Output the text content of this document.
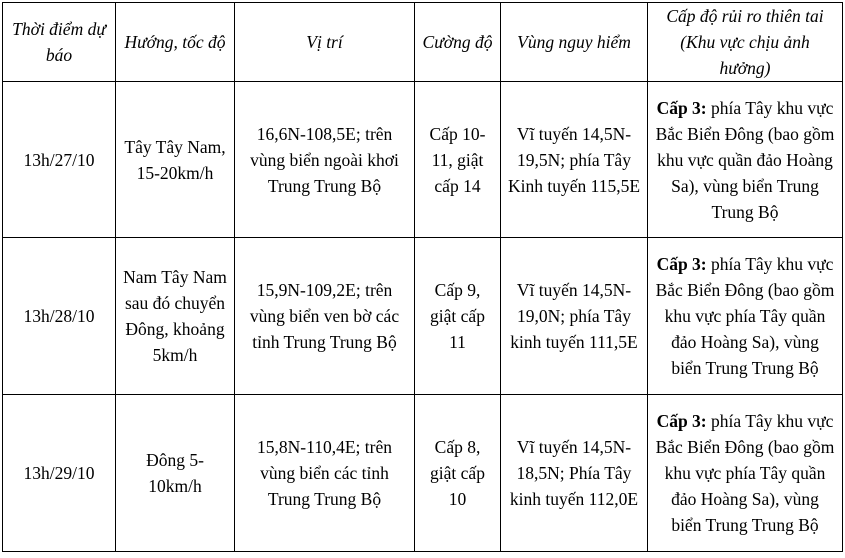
Thời điểm dự báo	Hướng, tốc độ	Vị trí	Cường độ	Vùng nguy hiểm	Cấp độ rủi ro thiên tai (Khu vực chịu ảnh hưởng)
13h/27/10	Tây Tây Nam, 15-20km/h	16,6N-108,5E; trên vùng biển ngoài khơi Trung Trung Bộ	Cấp 10-11, giật cấp 14	Vĩ tuyến 14,5N-19,5N; phía Tây Kinh tuyến 115,5E	Cấp 3: phía Tây khu vực Bắc Biển Đông (bao gồm khu vực quần đảo Hoàng Sa), vùng biển Trung Trung Bộ
13h/28/10	Nam Tây Nam sau đó chuyển Đông, khoảng 5km/h	15,9N-109,2E; trên vùng biển ven bờ các tỉnh Trung Trung Bộ	Cấp 9, giật cấp 11	Vĩ tuyến 14,5N-19,0N; phía Tây kinh tuyến 111,5E	Cấp 3: phía Tây khu vực Bắc Biển Đông (bao gồm khu vực phía Tây quần đảo Hoàng Sa), vùng biển Trung Trung Bộ
13h/29/10	Đông 5-10km/h	15,8N-110,4E; trên vùng biển các tỉnh Trung Trung Bộ	Cấp 8, giật cấp 10	Vĩ tuyến 14,5N-18,5N; Phía Tây kinh tuyến 112,0E	Cấp 3: phía Tây khu vực Bắc Biển Đông (bao gồm khu vực phía Tây quần đảo Hoàng Sa), vùng biển Trung Trung Bộ
